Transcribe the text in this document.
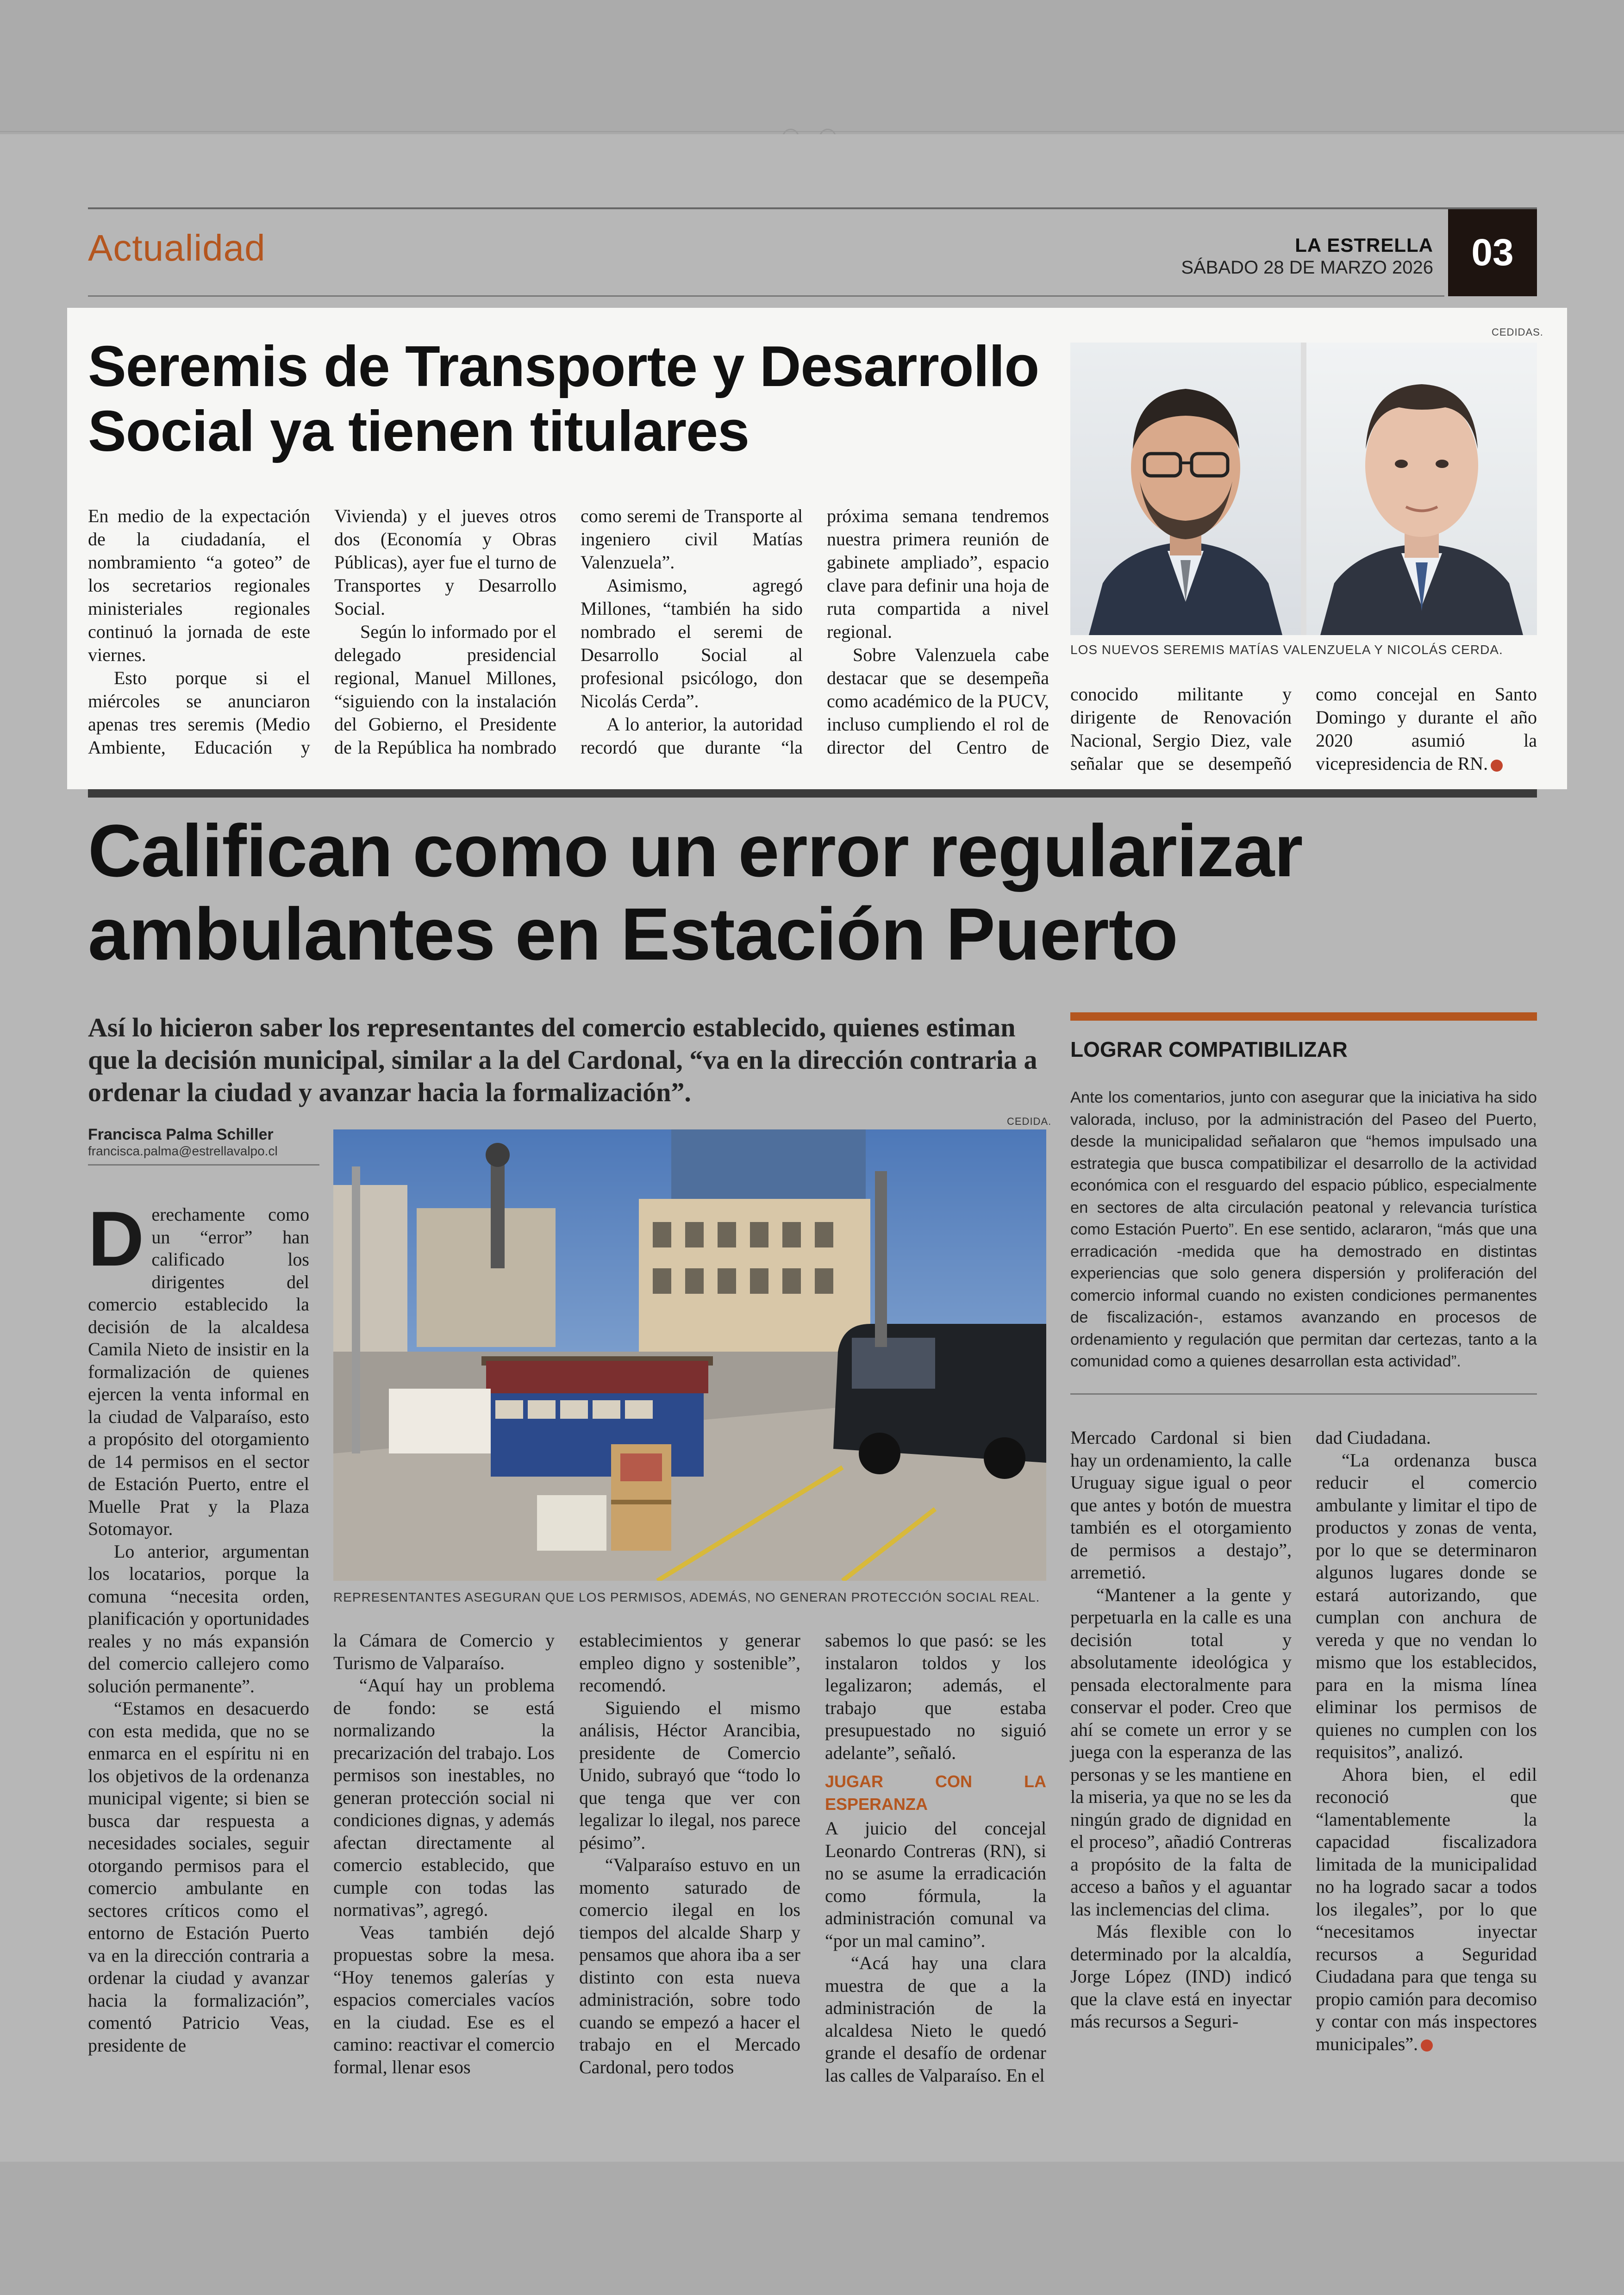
Actualidad	LA ESTRELLA
SÁBADO 28 DE MARZO 2026	03
CEDIDAS.
Seremis de Transporte y Desarrollo Social ya tienen titulares

En medio de la expectación de la ciudadanía, el nombramiento “a goteo” de los secretarios regionales ministeriales regionales continuó la jornada de este viernes.

Esto porque si el miércoles se anunciaron apenas tres seremis (Medio Ambiente, Educación y Vivienda) y el jueves otros dos (Economía y Obras Públicas), ayer fue el turno de Transportes y Desarrollo Social.

Según lo informado por el delegado presidencial regional, Manuel Millones, “siguiendo con la instalación del Gobierno, el Presidente de la República ha nombrado como seremi de Transporte al ingeniero civil Matías Valenzuela”.

Asimismo, agregó Millones, “también ha sido nombrado el seremi de Desarrollo Social al profesional psicólogo, don Nicolás Cerda”.

A lo anterior, la autoridad recordó que durante “la próxima semana tendremos nuestra primera reunión de gabinete ampliado”, espacio clave para definir una hoja de ruta compartida a nivel regional.

Sobre Valenzuela cabe destacar que se desempeña como académico de la PUCV, incluso cumpliendo el rol de director del Centro de

conocido militante y dirigente de Renovación Nacional, Sergio Diez, vale señalar que se desempeñó como concejal en Santo Domingo y durante el año 2020 asumió la vicepresidencia de RN.
LOS NUEVOS SEREMIS MATÍAS VALENZUELA Y NICOLÁS CERDA.
Califican como un error regularizar ambulantes en Estación Puerto
Así lo hicieron saber los representantes del comercio establecido, quienes estiman que la decisión municipal, similar a la del Cardonal, “va en la dirección contraria a ordenar la ciudad y avanzar hacia la formalización”.
Francisca Palma Schiller
francisca.palma@estrellavalpo.cl
CEDIDA.
REPRESENTANTES ASEGURAN QUE LOS PERMISOS, ADEMÁS, NO GENERAN PROTECCIÓN SOCIAL REAL.

Derechamente como un “error” han calificado los dirigentes del comercio establecido la decisión de la alcaldesa Camila Nieto de insistir en la formalización de quienes ejercen la venta informal en la ciudad de Valparaíso, esto a propósito del otorgamiento de 14 permisos en el sector de Estación Puerto, entre el Muelle Prat y la Plaza Sotomayor.

Lo anterior, argumentan los locatarios, porque la comuna “necesita orden, planificación y oportunidades reales y no más expansión del comercio callejero como solución permanente”.

“Estamos en desacuerdo con esta medida, que no se enmarca en el espíritu ni en los objetivos de la ordenanza municipal vigente; si bien se busca dar respuesta a necesidades sociales, seguir otorgando permisos para el comercio ambulante en sectores críticos como el entorno de Estación Puerto va en la dirección contraria a ordenar la ciudad y avanzar hacia la formalización”, comentó Patricio Veas, presidente de

la Cámara de Comercio y Turismo de Valparaíso.

“Aquí hay un problema de fondo: se está normalizando la precarización del trabajo. Los permisos son inestables, no generan protección social ni condiciones dignas, y además afectan directamente al comercio establecido, que cumple con todas las normativas”, agregó.

Veas también dejó propuestas sobre la mesa. “Hoy tenemos galerías y espacios comerciales vacíos en la ciudad. Ese es el camino: reactivar el comercio formal, llenar esos

establecimientos y generar empleo digno y sostenible”, recomendó.

Siguiendo el mismo análisis, Héctor Arancibia, presidente de Comercio Unido, subrayó que “todo lo que tenga que ver con legalizar lo ilegal, nos parece pésimo”.

“Valparaíso estuvo en un momento saturado de comercio ilegal en los tiempos del alcalde Sharp y pensamos que ahora iba a ser distinto con esta nueva administración, sobre todo cuando se empezó a hacer el trabajo en el Mercado Cardonal, pero todos

sabemos lo que pasó: se les instalaron toldos y los legalizaron; además, el trabajo que estaba presupuestado no siguió adelante”, señaló.

JUGAR CON LA ESPERANZA

A juicio del concejal Leonardo Contreras (RN), si no se asume la erradicación como fórmula, la administración comunal va “por un mal camino”.

“Acá hay una clara muestra de que a la administración de la alcaldesa Nieto le quedó grande el desafío de ordenar las calles de Valparaíso. En el

Mercado Cardonal si bien hay un ordenamiento, la calle Uruguay sigue igual o peor que antes y botón de muestra también es el otorgamiento de permisos a destajo”, arremetió.

“Mantener a la gente y perpetuarla en la calle es una decisión total y absolutamente ideológica y pensada electoralmente para conservar el poder. Creo que ahí se comete un error y se juega con la esperanza de las personas y se les mantiene en la miseria, ya que no se les da ningún grado de dignidad en el proceso”, añadió Contreras a propósito de la falta de acceso a baños y el aguantar las inclemencias del clima.

Más flexible con lo determinado por la alcaldía, Jorge López (IND) indicó que la clave está en inyectar más recursos a Seguri-

dad Ciudadana.

“La ordenanza busca reducir el comercio ambulante y limitar el tipo de productos y zonas de venta, por lo que se determinaron algunos lugares donde se estará autorizando, que cumplan con anchura de vereda y que no vendan lo mismo que los establecidos, para en la misma línea eliminar los permisos de quienes no cumplen con los requisitos”, analizó.

Ahora bien, el edil reconoció que “lamentablemente la capacidad fiscalizadora limitada de la municipalidad no ha logrado sacar a todos los ilegales”, por lo que “necesitamos inyectar recursos a Seguridad Ciudadana para que tenga su propio camión para decomiso y contar con más inspectores municipales”.

LOGRAR COMPATIBILIZAR
Ante los comentarios, junto con asegurar que la iniciativa ha sido valorada, incluso, por la administración del Paseo del Puerto, desde la municipalidad señalaron que “hemos impulsado una estrategia que busca compatibilizar el desarrollo de la actividad económica con el resguardo del espacio público, especialmente en sectores de alta circulación peatonal y relevancia turística como Estación Puerto”. En ese sentido, aclararon, “más que una erradicación -medida que ha demostrado en distintas experiencias que solo genera dispersión y proliferación del comercio informal cuando no existen condiciones permanentes de fiscalización-, estamos avanzando en procesos de ordenamiento y regulación que permitan dar certezas, tanto a la comunidad como a quienes desarrollan esta actividad”.
